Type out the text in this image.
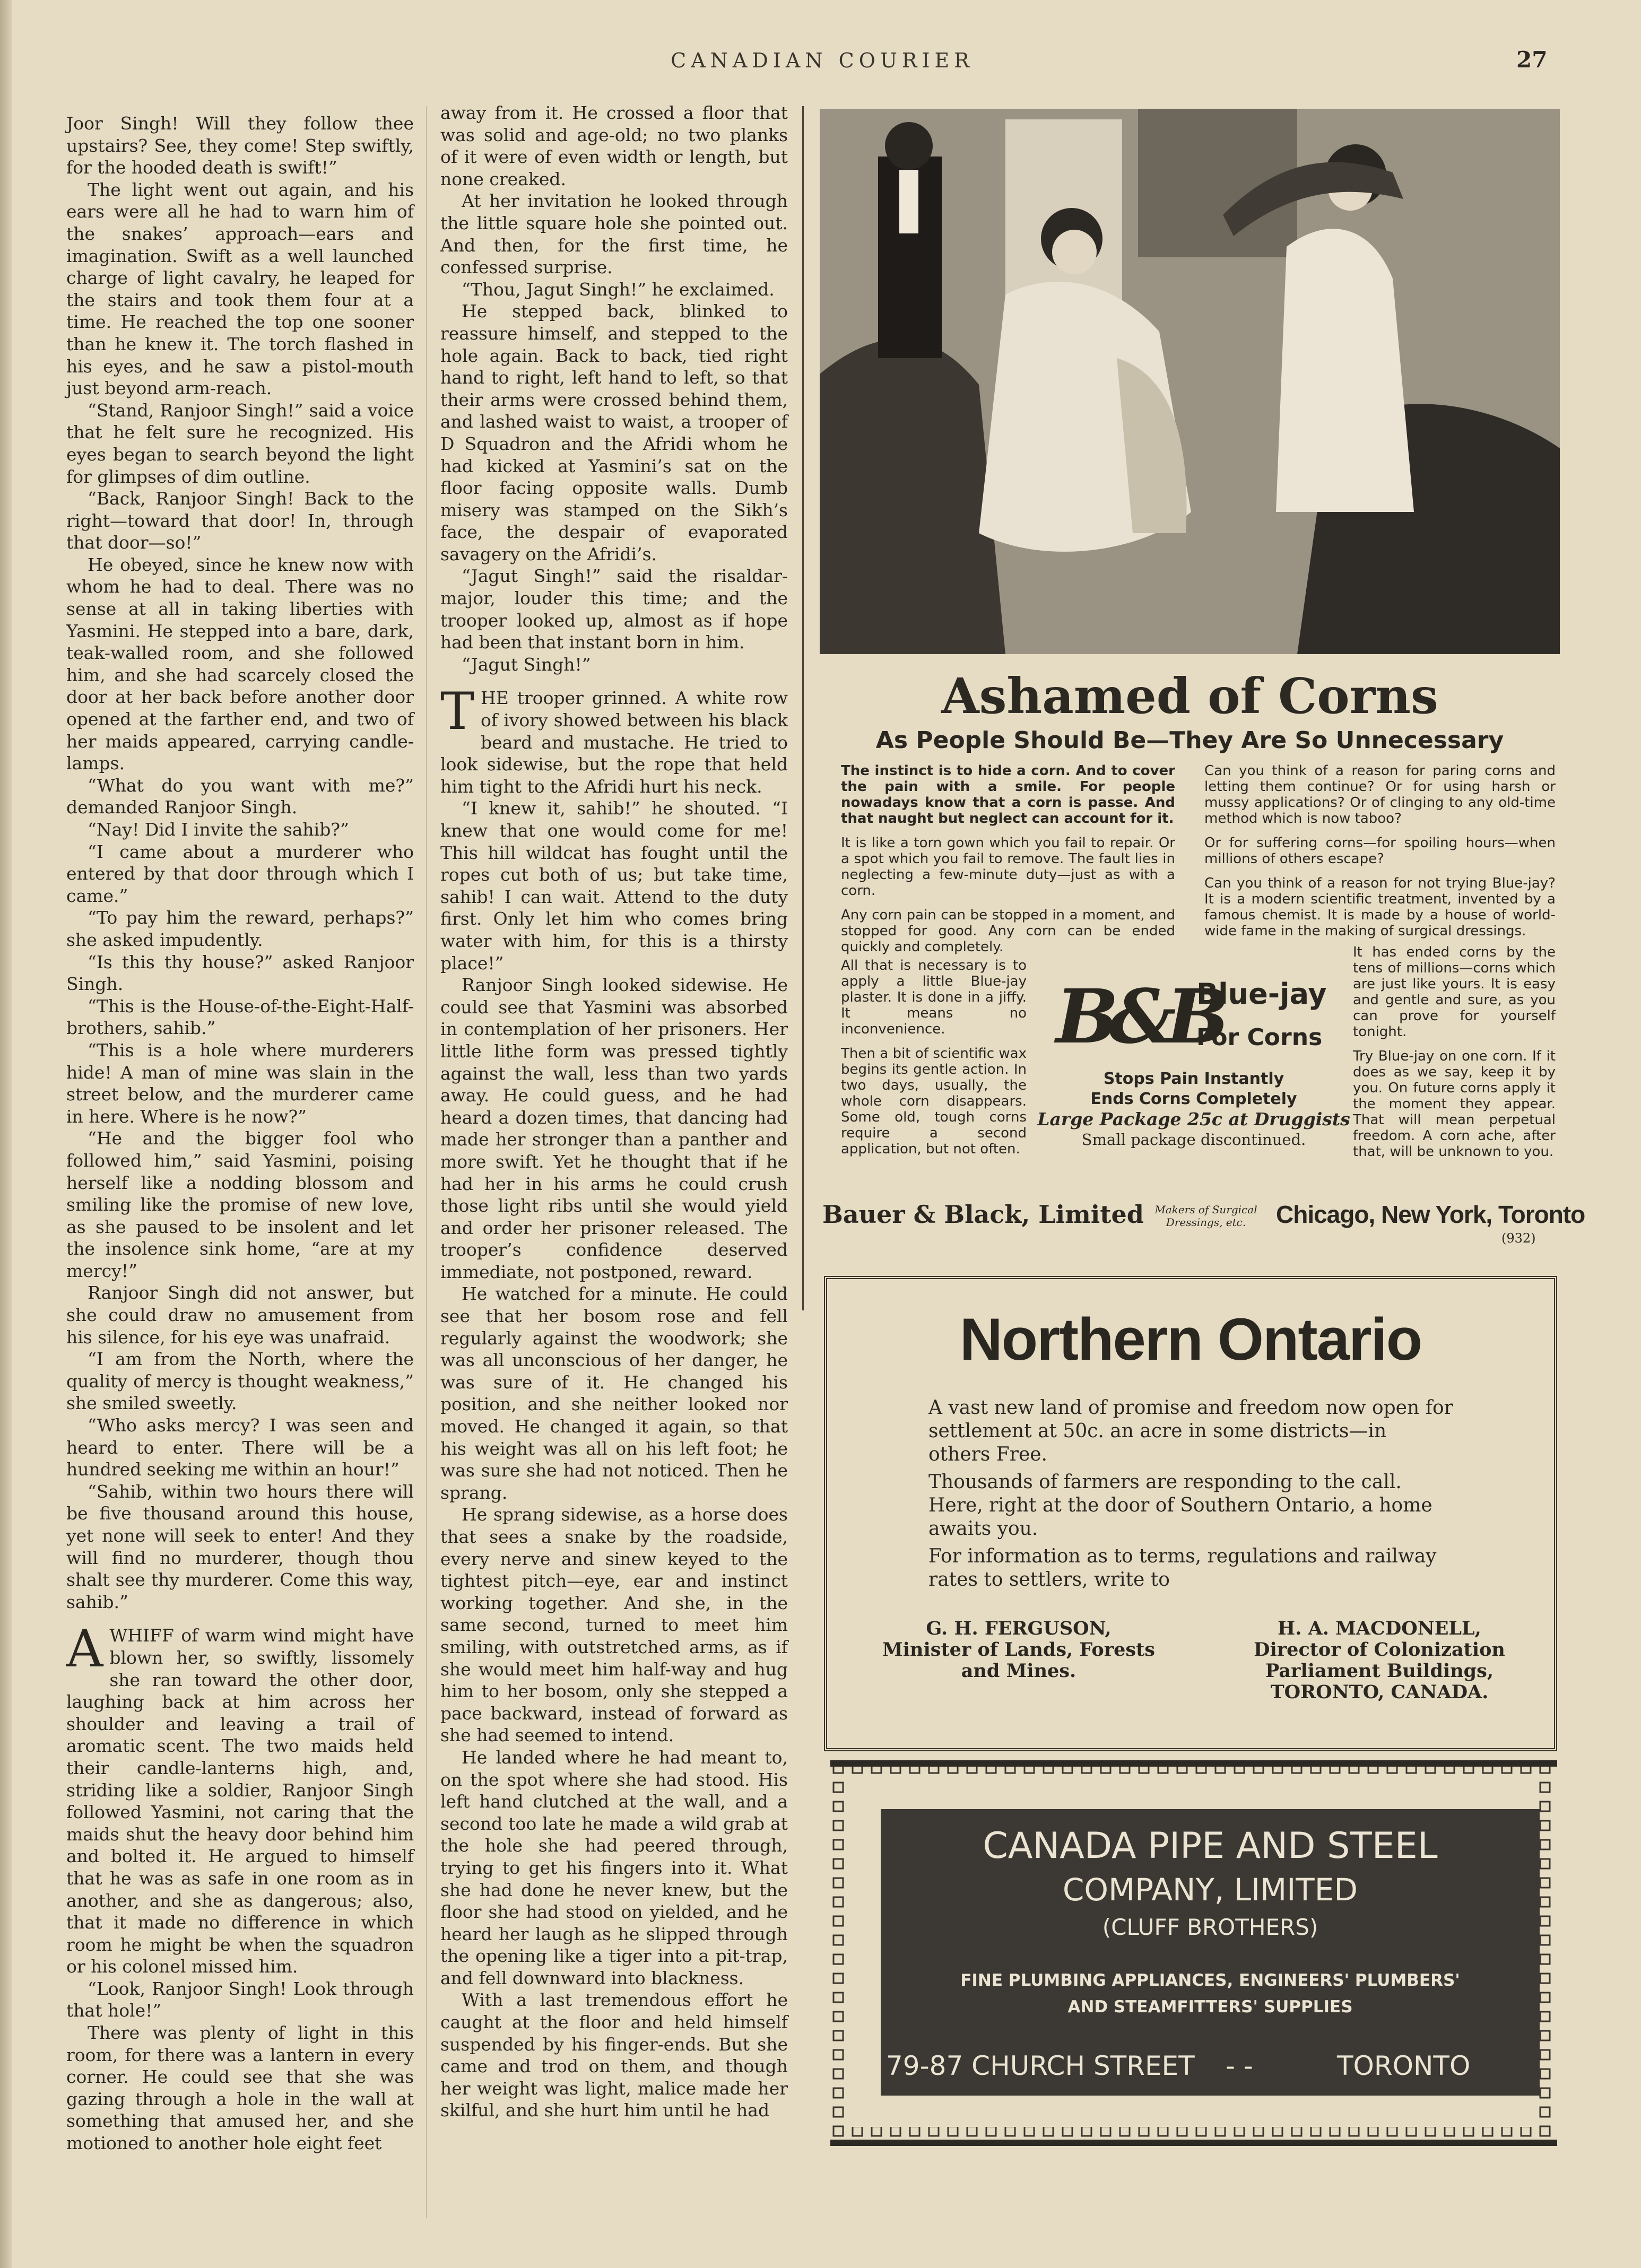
CANADIAN COURIER	27

Joor Singh! Will they follow thee upstairs? See, they come! Step swiftly, for the hooded death is swift!”

The light went out again, and his ears were all he had to warn him of the snakes’ approach—ears and imagination. Swift as a well launched charge of light cavalry, he leaped for the stairs and took them four at a time. He reached the top one sooner than he knew it. The torch flashed in his eyes, and he saw a pistol-mouth just beyond arm-reach.

“Stand, Ranjoor Singh!” said a voice that he felt sure he recognized. His eyes began to search beyond the light for glimpses of dim outline.

“Back, Ranjoor Singh! Back to the right—toward that door! In, through that door—so!”

He obeyed, since he knew now with whom he had to deal. There was no sense at all in taking liberties with Yasmini. He stepped into a bare, dark, teak-walled room, and she followed him, and she had scarcely closed the door at her back before another door opened at the farther end, and two of her maids appeared, carrying candle-lamps.

“What do you want with me?” demanded Ranjoor Singh.

“Nay! Did I invite the sahib?”

“I came about a murderer who entered by that door through which I came.”

“To pay him the reward, perhaps?” she asked impudently.

“Is this thy house?” asked Ranjoor Singh.

“This is the House-of-the-Eight-Half-brothers, sahib.”

“This is a hole where murderers hide! A man of mine was slain in the street below, and the murderer came in here. Where is he now?”

“He and the bigger fool who followed him,” said Yasmini, poising herself like a nodding blossom and smiling like the promise of new love, as she paused to be insolent and let the insolence sink home, “are at my mercy!”

Ranjoor Singh did not answer, but she could draw no amusement from his silence, for his eye was unafraid.

“I am from the North, where the quality of mercy is thought weakness,” she smiled sweetly.

“Who asks mercy? I was seen and heard to enter. There will be a hundred seeking me within an hour!”

“Sahib, within two hours there will be five thousand around this house, yet none will seek to enter! And they will find no murderer, though thou shalt see thy murderer. Come this way, sahib.”

AWHIFF of warm wind might have blown her, so swiftly, lissomely she ran toward the other door, laughing back at him across her shoulder and leaving a trail of aromatic scent. The two maids held their candle-lanterns high, and, striding like a soldier, Ranjoor Singh followed Yasmini, not caring that the maids shut the heavy door behind him and bolted it. He argued to himself that he was as safe in one room as in another, and she as dangerous; also, that it made no difference in which room he might be when the squadron or his colonel missed him.

“Look, Ranjoor Singh! Look through that hole!”

There was plenty of light in this room, for there was a lantern in every corner. He could see that she was gazing through a hole in the wall at something that amused her, and she motioned to another hole eight feet

away from it. He crossed a floor that was solid and age-old; no two planks of it were of even width or length, but none creaked.

At her invitation he looked through the little square hole she pointed out. And then, for the first time, he confessed surprise.

“Thou, Jagut Singh!” he exclaimed.

He stepped back, blinked to reassure himself, and stepped to the hole again. Back to back, tied right hand to right, left hand to left, so that their arms were crossed behind them, and lashed waist to waist, a trooper of D Squadron and the Afridi whom he had kicked at Yasmini’s sat on the floor facing opposite walls. Dumb misery was stamped on the Sikh’s face, the despair of evaporated savagery on the Afridi’s.

“Jagut Singh!” said the risaldar-major, louder this time; and the trooper looked up, almost as if hope had been that instant born in him.

“Jagut Singh!”

THE trooper grinned. A white row of ivory showed between his black beard and mustache. He tried to look sidewise, but the rope that held him tight to the Afridi hurt his neck.

“I knew it, sahib!” he shouted. “I knew that one would come for me! This hill wildcat has fought until the ropes cut both of us; but take time, sahib! I can wait. Attend to the duty first. Only let him who comes bring water with him, for this is a thirsty place!”

Ranjoor Singh looked sidewise. He could see that Yasmini was absorbed in contemplation of her prisoners. Her little lithe form was pressed tightly against the wall, less than two yards away. He could guess, and he had heard a dozen times, that dancing had made her stronger than a panther and more swift. Yet he thought that if he had her in his arms he could crush those light ribs until she would yield and order her prisoner released. The trooper’s confidence deserved immediate, not postponed, reward.

He watched for a minute. He could see that her bosom rose and fell regularly against the woodwork; she was all unconscious of her danger, he was sure of it. He changed his position, and she neither looked nor moved. He changed it again, so that his weight was all on his left foot; he was sure she had not noticed. Then he sprang.

He sprang sidewise, as a horse does that sees a snake by the roadside, every nerve and sinew keyed to the tightest pitch—eye, ear and instinct working together. And she, in the same second, turned to meet him smiling, with outstretched arms, as if she would meet him half-way and hug him to her bosom, only she stepped a pace backward, instead of forward as she had seemed to intend.

He landed where he had meant to, on the spot where she had stood. His left hand clutched at the wall, and a second too late he made a wild grab at the hole she had peered through, trying to get his fingers into it. What she had done he never knew, but the floor she had stood on yielded, and he heard her laugh as he slipped through the opening like a tiger into a pit-trap, and fell downward into blackness.

With a last tremendous effort he caught at the floor and held himself suspended by his finger-ends. But she came and trod on them, and though her weight was light, malice made her skilful, and she hurt him until he had

Ashamed of Corns
As People Should Be—They Are So Unnecessary

The instinct is to hide a corn. And to cover the pain with a smile. For people nowadays know that a corn is passe. And that naught but neglect can account for it.

It is like a torn gown which you fail to repair. Or a spot which you fail to remove. The fault lies in neglecting a few-minute duty—just as with a corn.

Any corn pain can be stopped in a moment, and stopped for good. Any corn can be ended quickly and completely.

All that is necessary is to apply a little Blue-jay plaster. It is done in a jiffy. It means no inconvenience.

Then a bit of scientific wax begins its gentle action. In two days, usually, the whole corn disappears. Some old, tough corns require a second application, but not often.

Can you think of a reason for paring corns and letting them continue? Or for using harsh or mussy applications? Or of clinging to any old-time method which is now taboo?

Or for suffering corns—for spoiling hours—when millions of others escape?

Can you think of a reason for not trying Blue-jay? It is a modern scientific treatment, invented by a famous chemist. It is made by a house of world-wide fame in the making of surgical dressings.

It has ended corns by the tens of millions—corns which are just like yours. It is easy and gentle and sure, as you can prove for yourself tonight.

Try Blue-jay on one corn. If it does as we say, keep it by you. On future corns apply it the moment they appear. That will mean perpetual freedom. A corn ache, after that, will be unknown to you.

B&B
Blue-jay
For Corns
Stops Pain Instantly
Ends Corns Completely
Large Package 25c at Druggists
Small package discontinued.
Bauer & Black, Limited	Makers of Surgical Dressings, etc.	Chicago, New York, Toronto
(932)
Northern Ontario

A vast new land of promise and freedom now open for settlement at 50c. an acre in some districts—in others Free.

Thousands of farmers are responding to the call. Here, right at the door of Southern Ontario, a home awaits you.

For information as to terms, regulations and railway rates to settlers, write to

G. H. FERGUSON,
Minister of Lands, Forests
and Mines.
H. A. MACDONELL,
Director of Colonization
Parliament Buildings,
TORONTO, CANADA.
CANADA PIPE AND STEEL
COMPANY, LIMITED
(CLUFF BROTHERS)
FINE PLUMBING APPLIANCES, ENGINEERS' PLUMBERS'
AND STEAMFITTERS' SUPPLIES
79-87 CHURCH STREET - -	TORONTO
